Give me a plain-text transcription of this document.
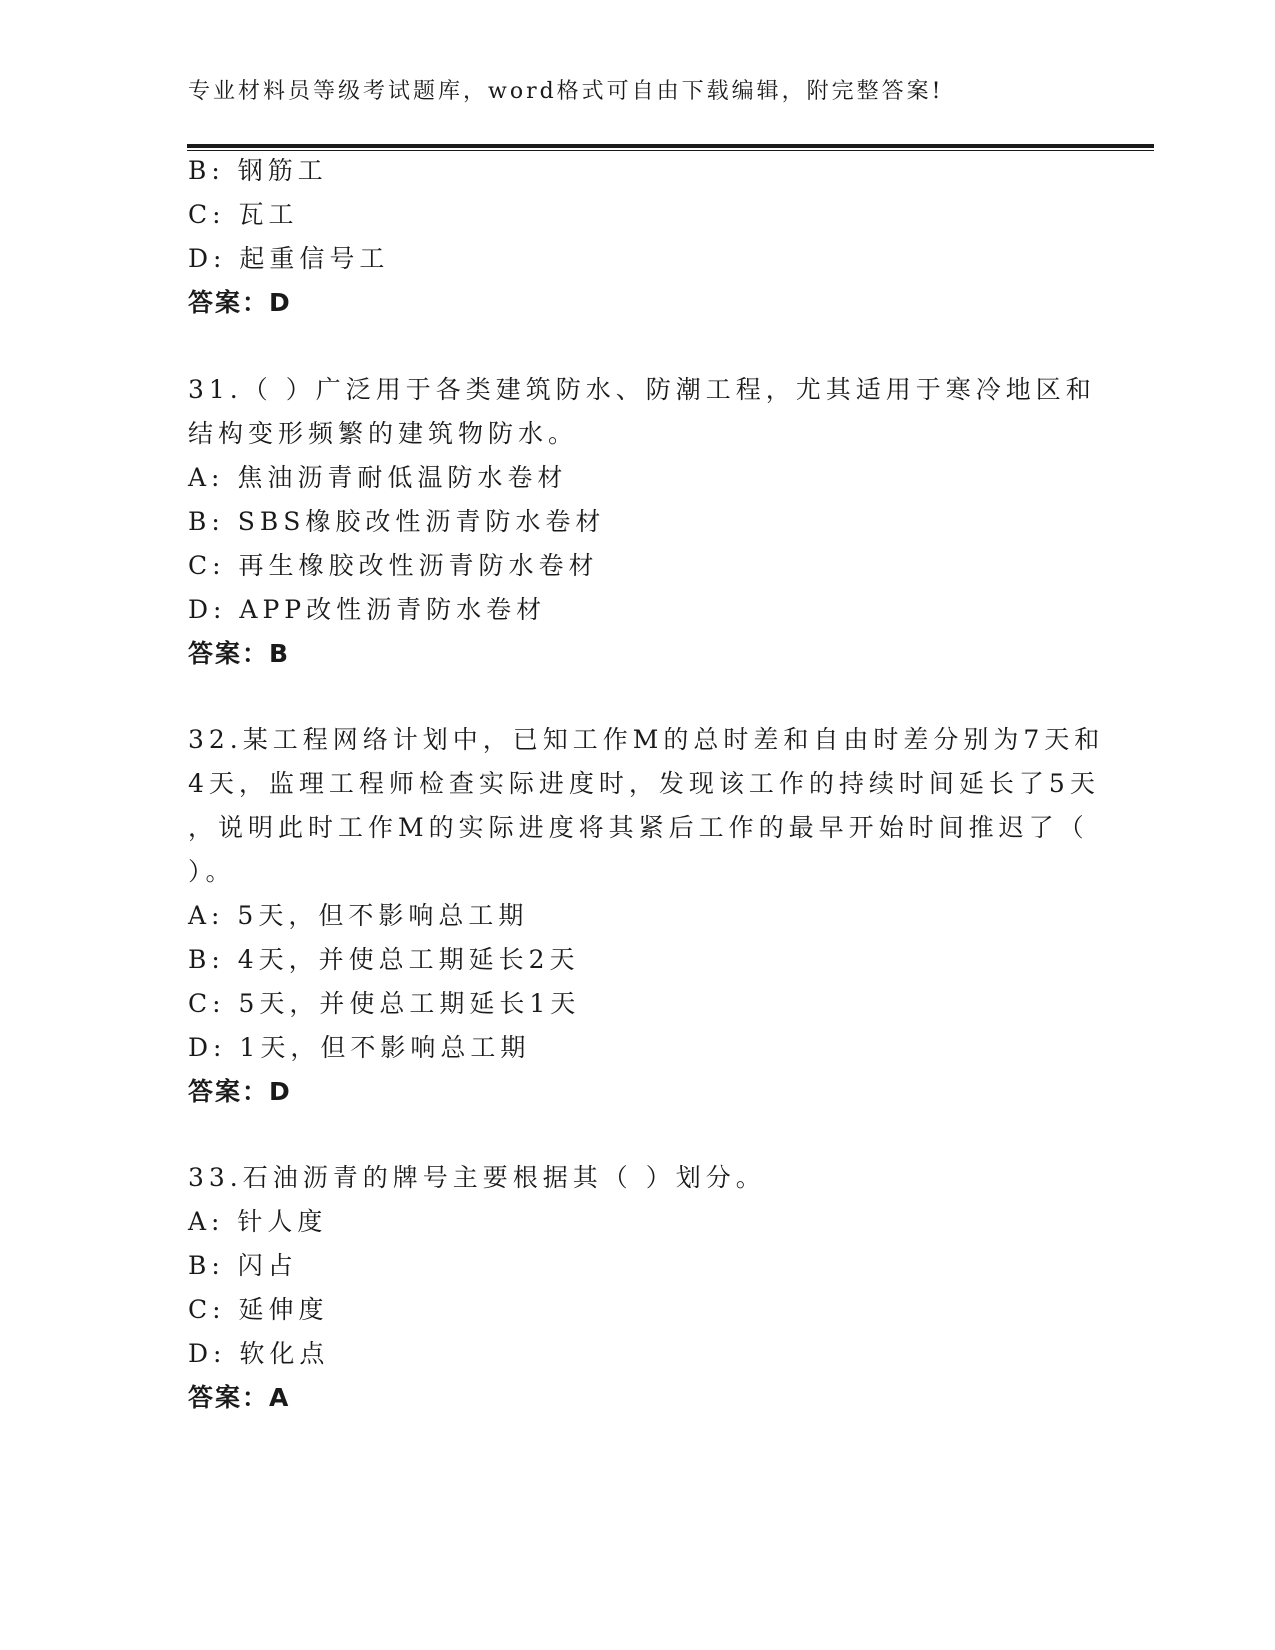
专业材料员等级考试题库，word格式可自由下载编辑，附完整答案!
B: 钢筋工
C: 瓦工
D: 起重信号工
答案：D
31.（ ）广泛用于各类建筑防水、防潮工程，尤其适用于寒冷地区和
结构变形频繁的建筑物防水。
A: 焦油沥青耐低温防水卷材
B: SBS橡胶改性沥青防水卷材
C: 再生橡胶改性沥青防水卷材
D: APP改性沥青防水卷材
答案：B
32.某工程网络计划中，已知工作M的总时差和自由时差分别为7天和
4天，监理工程师检查实际进度时，发现该工作的持续时间延长了5天
，说明此时工作M的实际进度将其紧后工作的最早开始时间推迟了（
）。
A: 5天，但不影响总工期
B: 4天，并使总工期延长2天
C: 5天，并使总工期延长1天
D: 1天，但不影响总工期
答案：D
33.石油沥青的牌号主要根据其（ ）划分。
A: 针人度
B: 闪占
C: 延伸度
D: 软化点
答案：A
